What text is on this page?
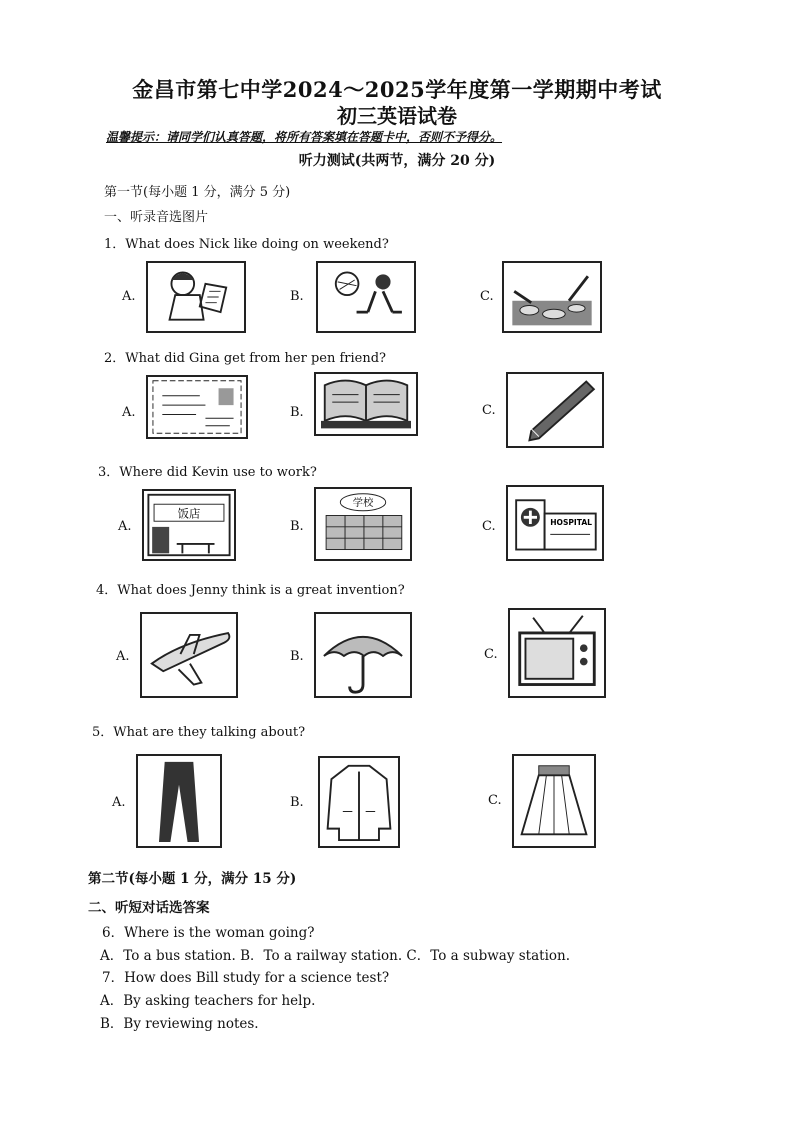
金昌市第七中学2024～2025学年度第一学期期中考试
初三英语试卷
温馨提示：请同学们认真答题，将所有答案填在答题卡中，否则不予得分。
听力测试(共两节，满分 20 分)
第一节(每小题 1 分，满分 5 分)
一、听录音选图片
1．What does Nick like doing on weekend?
A.	B.	C.
2．What did Gina get from her pen friend?
A.	B.	C.
3．Where did Kevin use to work?
A.
饭店
B.
学校
C.	HOSPITAL
4．What does Jenny think is a great invention?
A.	B.	C.
5．What are they talking about?
A.	B.	C.
第二节(每小题 1 分，满分 15 分)
二、听短对话选答案
6．Where is the woman going?
A．To a bus station. B．To a railway station. C．To a subway station.
7．How does Bill study for a science test?
A．By asking teachers for help.
B．By reviewing notes.
